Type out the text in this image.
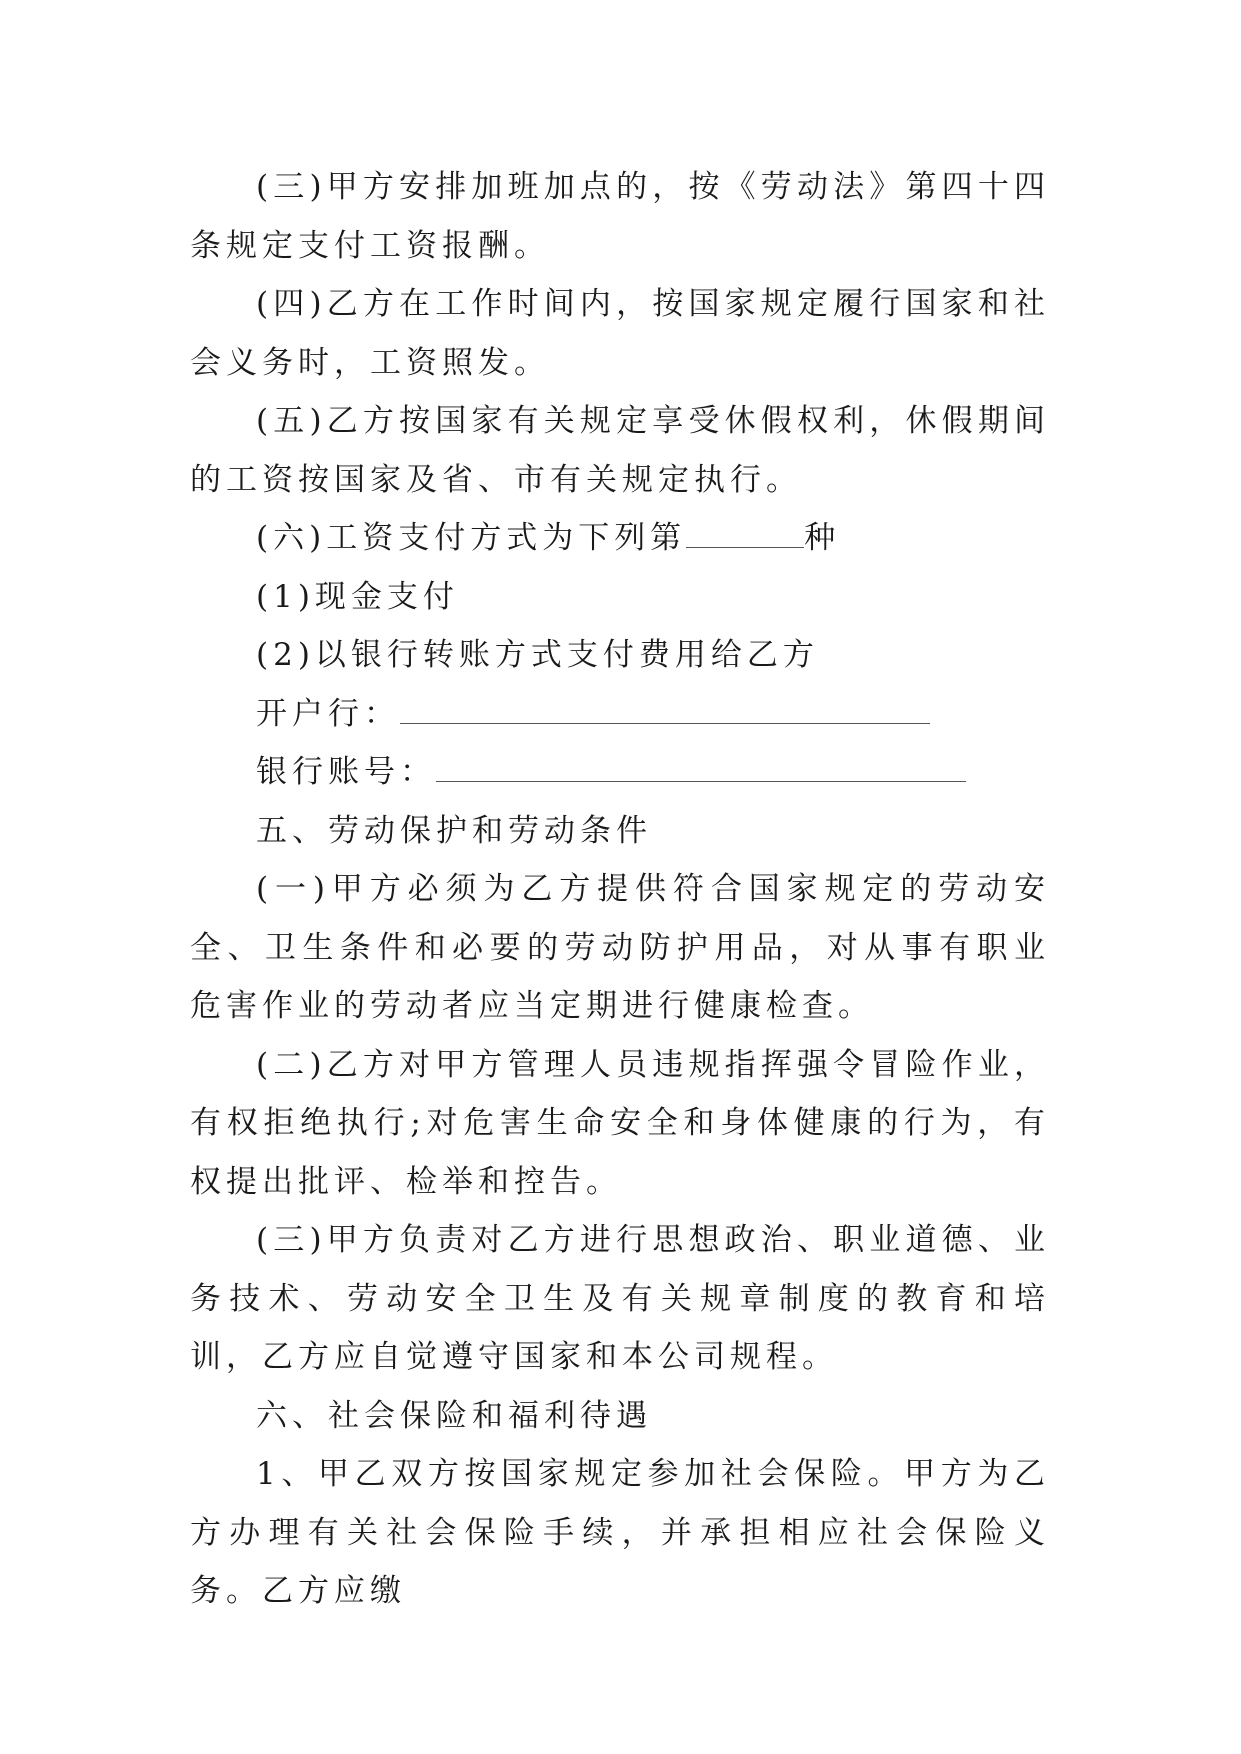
(三)甲方安排加班加点的，按《劳动法》第四十四条规定支付工资报酬。

(四)乙方在工作时间内，按国家规定履行国家和社会义务时，工资照发。

(五)乙方按国家有关规定享受休假权利，休假期间的工资按国家及省、市有关规定执行。

(六)工资支付方式为下列第	种

(1)现金支付

(2)以银行转账方式支付费用给乙方

开户行：

银行账号：

五、劳动保护和劳动条件

(一)甲方必须为乙方提供符合国家规定的劳动安全、卫生条件和必要的劳动防护用品，对从事有职业危害作业的劳动者应当定期进行健康检查。

(二)乙方对甲方管理人员违规指挥强令冒险作业，有权拒绝执行;对危害生命安全和身体健康的行为，有权提出批评、检举和控告。

(三)甲方负责对乙方进行思想政治、职业道德、业务技术、劳动安全卫生及有关规章制度的教育和培训，乙方应自觉遵守国家和本公司规程。

六、社会保险和福利待遇

1、甲乙双方按国家规定参加社会保险。甲方为乙方办理有关社会保险手续，并承担相应社会保险义务。乙方应缴
